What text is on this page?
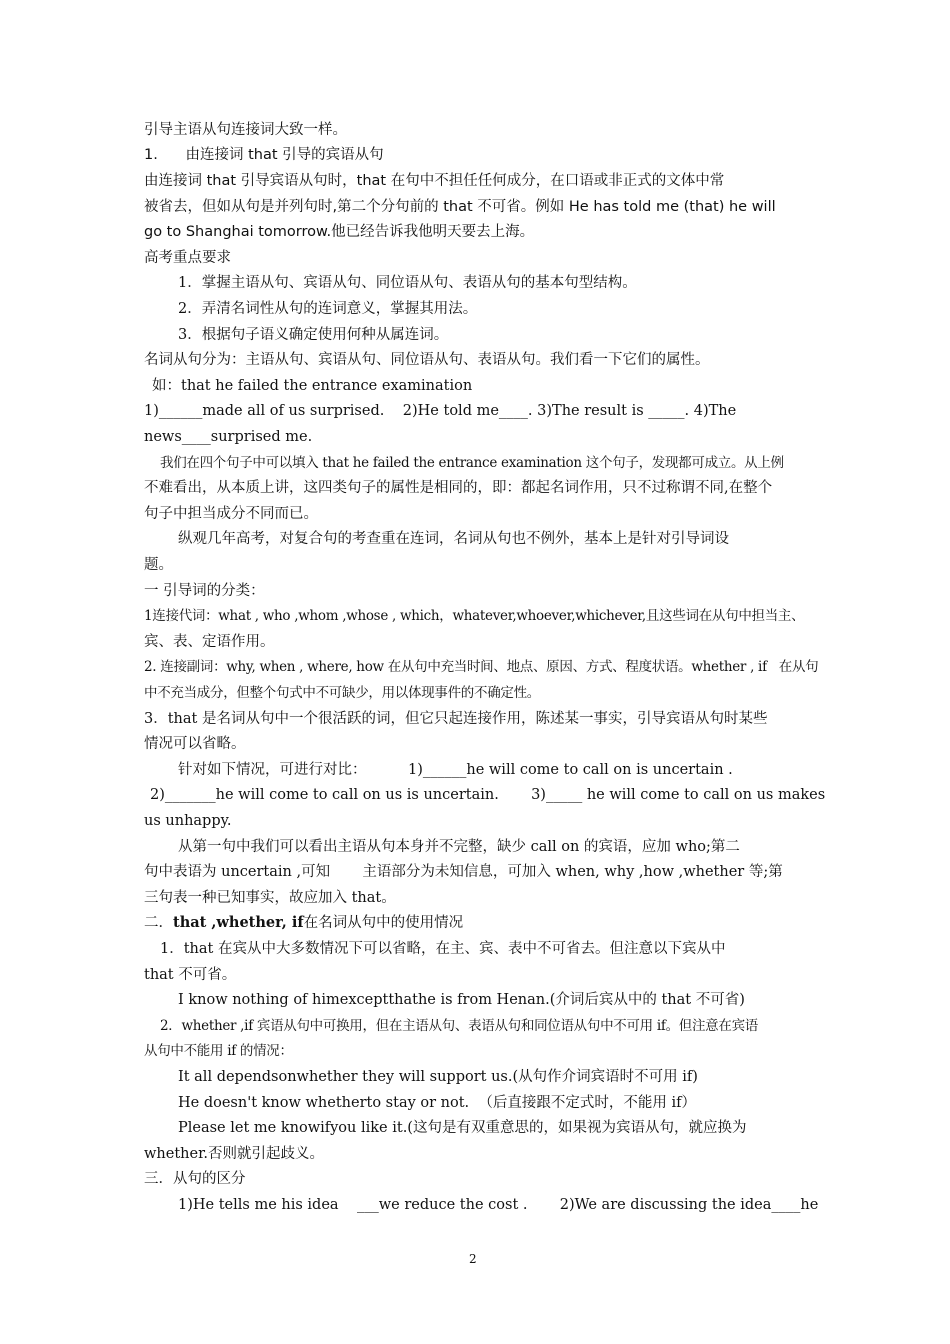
引导主语从句连接词大致一样。
1.      由连接词 that 引导的宾语从句
由连接词 that 引导宾语从句时，that 在句中不担任任何成分，在口语或非正式的文体中常
被省去，但如从句是并列句时,第二个分句前的 that 不可省。例如 He has told me (that) he will
go to Shanghai tomorrow.他已经告诉我他明天要去上海。
高考重点要求
1．掌握主语从句、宾语从句、同位语从句、表语从句的基本句型结构。
2．弄清名词性从句的连词意义，掌握其用法。
3．根据句子语义确定使用何种从属连词。
名词从句分为：主语从句、宾语从句、同位语从句、表语从句。我们看一下它们的属性。
如：that he failed the entrance examination
1)______made all of us surprised.    2)He told me____. 3)The result is _____. 4)The
news____surprised me.
我们在四个句子中可以填入 that he failed the entrance examination 这个句子，发现都可成立。从上例
不难看出，从本质上讲，这四类句子的属性是相同的，即：都起名词作用，只不过称谓不同,在整个
句子中担当成分不同而已。
纵观几年高考，对复合句的考查重在连词，名词从句也不例外，基本上是针对引导词设
题。
一 引导词的分类：
1连接代词：what , who ,whom ,whose , which，whatever,whoever,whichever,且这些词在从句中担当主、
宾、表、定语作用。
2. 连接副词：why, when , where, how 在从句中充当时间、地点、原因、方式、程度状语。whether , if   在从句
中不充当成分，但整个句式中不可缺少，用以体现事件的不确定性。
3．that 是名词从句中一个很活跃的词，但它只起连接作用，陈述某一事实，引导宾语从句时某些
情况可以省略。
针对如下情况，可进行对比：         1)______he will come to call on is uncertain .
2)_______he will come to call on us is uncertain.       3)_____ he will come to call on us makes
us unhappy.
从第一句中我们可以看出主语从句本身并不完整，缺少 call on 的宾语，应加 who;第二
句中表语为 uncertain ,可知       主语部分为未知信息，可加入 when, why ,how ,whether 等;第
三句表一种已知事实，故应加入 that。
二．that ,whether, if在名词从句中的使用情况
1．that 在宾从中大多数情况下可以省略，在主、宾、表中不可省去。但注意以下宾从中
that 不可省。
I know nothing of himexceptthathe is from Henan.(介词后宾从中的 that 不可省)
2．whether ,if 宾语从句中可换用，但在主语从句、表语从句和同位语从句中不可用 if。但注意在宾语
从句中不能用 if 的情况：
It all dependsonwhether they will support us.(从句作介词宾语时不可用 if)
He doesn't know whetherto stay or not.  （后直接跟不定式时，不能用 if）
Please let me knowifyou like it.(这句是有双重意思的，如果视为宾语从句，就应换为
whether.否则就引起歧义。
三．从句的区分
1)He tells me his idea    ___we reduce the cost .       2)We are discussing the idea____he
2
